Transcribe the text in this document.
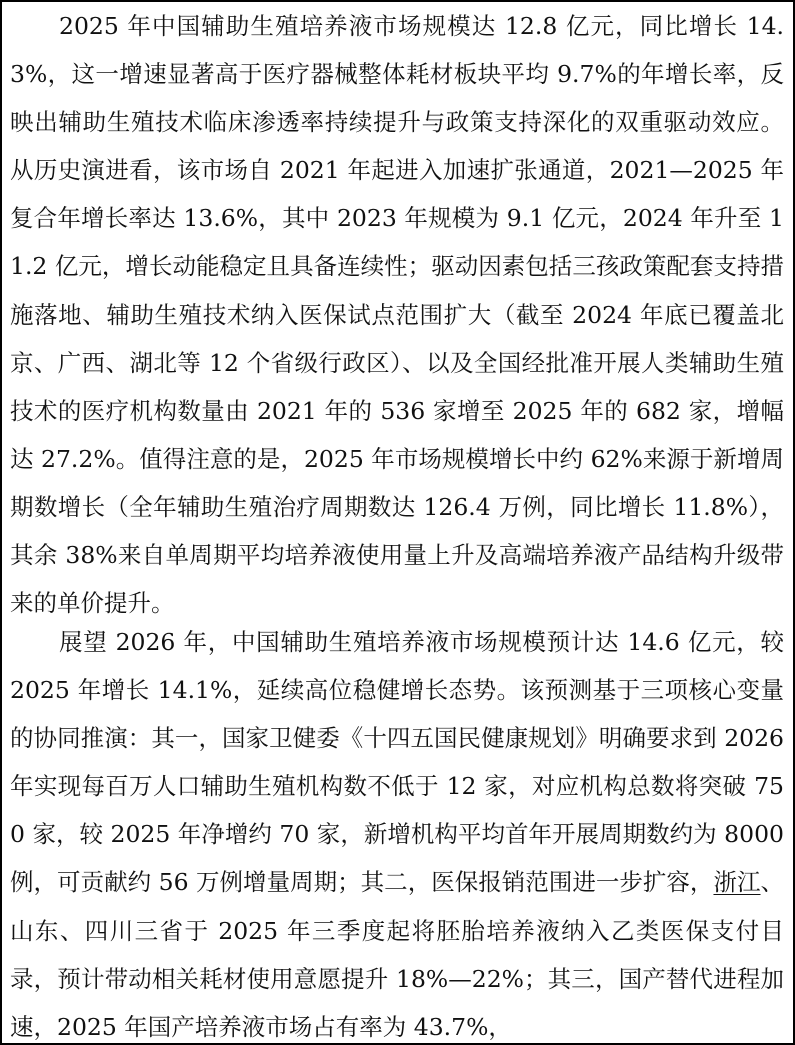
2025 年中国辅助生殖培养液市场规模达 12.8 亿元，同比增长 14.3%，这一增速显著高于医疗器械整体耗材板块平均 9.7%的年增长率，反映出辅助生殖技术临床渗透率持续提升与政策支持深化的双重驱动效应。从历史演进看，该市场自 2021 年起进入加速扩张通道，2021—2025 年复合年增长率达 13.6%，其中 2023 年规模为 9.1 亿元，2024 年升至 11.2 亿元，增长动能稳定且具备连续性；驱动因素包括三孩政策配套支持措施落地、辅助生殖技术纳入医保试点范围扩大（截至 2024 年底已覆盖北京、广西、湖北等 12 个省级行政区）、以及全国经批准开展人类辅助生殖技术的医疗机构数量由 2021 年的 536 家增至 2025 年的 682 家，增幅达 27.2%。值得注意的是，2025 年市场规模增长中约 62%来源于新增周期数增长（全年辅助生殖治疗周期数达 126.4 万例，同比增长 11.8%），其余 38%来自单周期平均培养液使用量上升及高端培养液产品结构升级带来的单价提升。

展望 2026 年，中国辅助生殖培养液市场规模预计达 14.6 亿元，较 2025 年增长 14.1%，延续高位稳健增长态势。该预测基于三项核心变量的协同推演：其一，国家卫健委《十四五国民健康规划》明确要求到 2026 年实现每百万人口辅助生殖机构数不低于 12 家，对应机构总数将突破 750 家，较 2025 年净增约 70 家，新增机构平均首年开展周期数约为 8000 例，可贡献约 56 万例增量周期；其二，医保报销范围进一步扩容，浙江、山东、四川三省于 2025 年三季度起将胚胎培养液纳入乙类医保支付目录，预计带动相关耗材使用意愿提升 18%—22%；其三，国产替代进程加速，2025 年国产培养液市场占有率为 43.7%，
